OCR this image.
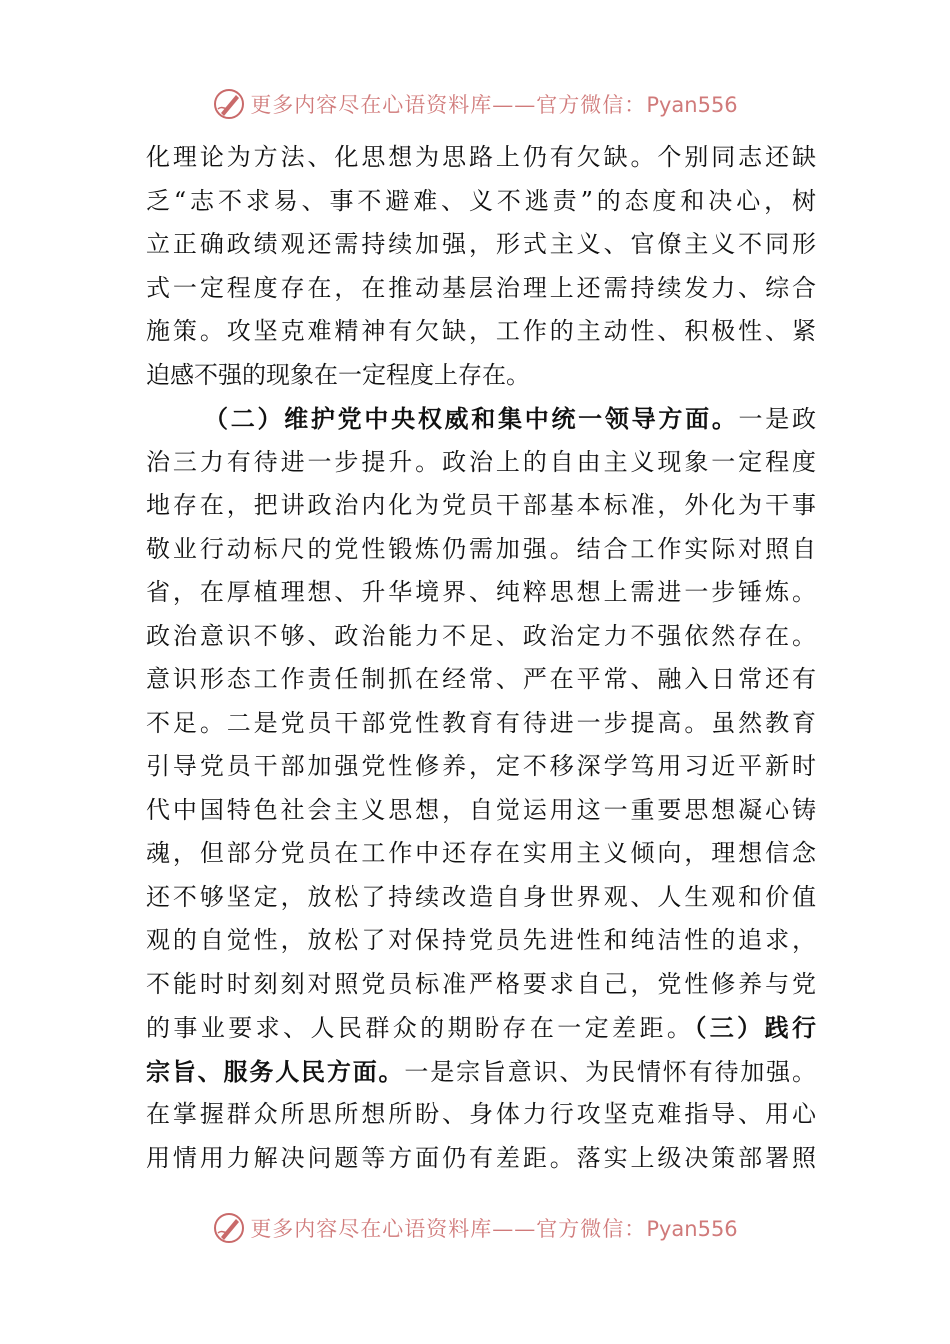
更多内容尽在心语资料库——官方微信：Pyan556
化理论为方法、化思想为思路上仍有欠缺。个别同志还缺
乏“志不求易、事不避难、义不逃责”的态度和决心，树
立正确政绩观还需持续加强，形式主义、官僚主义不同形
式一定程度存在，在推动基层治理上还需持续发力、综合
施策。攻坚克难精神有欠缺，工作的主动性、积极性、紧
迫感不强的现象在一定程度上存在。
（二）维护党中央权威和集中统一领导方面。一是政
治三力有待进一步提升。政治上的自由主义现象一定程度
地存在，把讲政治内化为党员干部基本标准，外化为干事
敬业行动标尺的党性锻炼仍需加强。结合工作实际对照自
省，在厚植理想、升华境界、纯粹思想上需进一步锤炼。
政治意识不够、政治能力不足、政治定力不强依然存在。
意识形态工作责任制抓在经常、严在平常、融入日常还有
不足。二是党员干部党性教育有待进一步提高。虽然教育
引导党员干部加强党性修养，定不移深学笃用习近平新时
代中国特色社会主义思想，自觉运用这一重要思想凝心铸
魂，但部分党员在工作中还存在实用主义倾向，理想信念
还不够坚定，放松了持续改造自身世界观、人生观和价值
观的自觉性，放松了对保持党员先进性和纯洁性的追求，
不能时时刻刻对照党员标准严格要求自己，党性修养与党
的事业要求、人民群众的期盼存在一定差距。（三）践行
宗旨、服务人民方面。一是宗旨意识、为民情怀有待加强。
在掌握群众所思所想所盼、身体力行攻坚克难指导、用心
用情用力解决问题等方面仍有差距。落实上级决策部署照
更多内容尽在心语资料库——官方微信：Pyan556
